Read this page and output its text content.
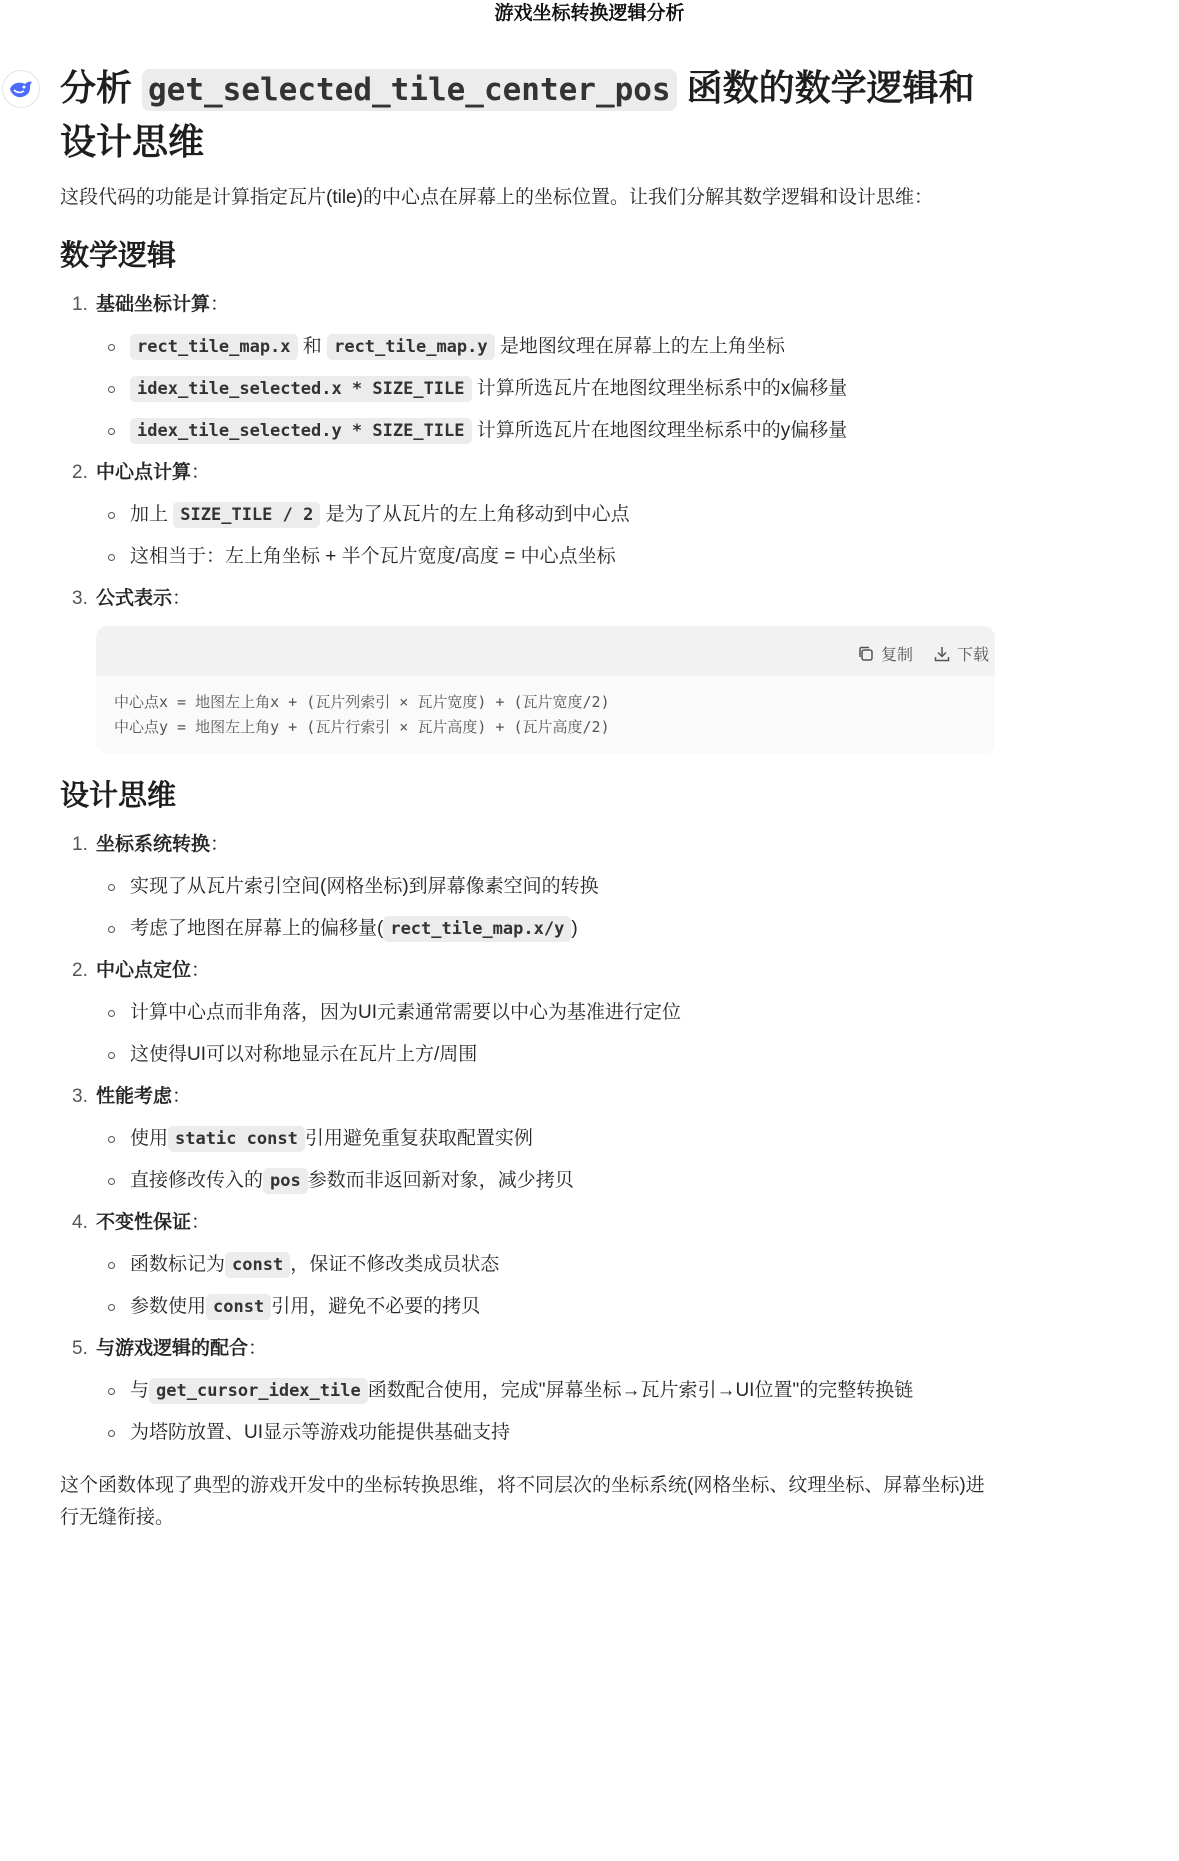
游戏坐标转换逻辑分析
分析 get_selected_tile_center_pos 函数的数学逻辑和设计思维

这段代码的功能是计算指定瓦片(tile)的中心点在屏幕上的坐标位置。让我们分解其数学逻辑和设计思维：

数学逻辑
1. 基础坐标计算：
rect_tile_map.x 和 rect_tile_map.y 是地图纹理在屏幕上的左上角坐标
idex_tile_selected.x * SIZE_TILE 计算所选瓦片在地图纹理坐标系中的x偏移量
idex_tile_selected.y * SIZE_TILE 计算所选瓦片在地图纹理坐标系中的y偏移量
2. 中心点计算：
加上 SIZE_TILE / 2 是为了从瓦片的左上角移动到中心点
这相当于：左上角坐标 + 半个瓦片宽度/高度 = 中心点坐标
3. 公式表示：
复制	下载
中心点x = 地图左上角x + (瓦片列索引 × 瓦片宽度) + (瓦片宽度/2)
中心点y = 地图左上角y + (瓦片行索引 × 瓦片高度) + (瓦片高度/2)
设计思维
1. 坐标系统转换：
实现了从瓦片索引空间(网格坐标)到屏幕像素空间的转换
考虑了地图在屏幕上的偏移量( rect_tile_map.x/y )
2. 中心点定位：
计算中心点而非角落，因为UI元素通常需要以中心为基准进行定位
这使得UI可以对称地显示在瓦片上方/周围
3. 性能考虑：
使用 static const 引用避免重复获取配置实例
直接修改传入的 pos 参数而非返回新对象，减少拷贝
4. 不变性保证：
函数标记为 const ，保证不修改类成员状态
参数使用 const 引用，避免不必要的拷贝
5. 与游戏逻辑的配合：
与 get_cursor_idex_tile 函数配合使用，完成"屏幕坐标→瓦片索引→UI位置"的完整转换链
为塔防放置、UI显示等游戏功能提供基础支持

这个函数体现了典型的游戏开发中的坐标转换思维，将不同层次的坐标系统(网格坐标、纹理坐标、屏幕坐标)进行无缝衔接。
